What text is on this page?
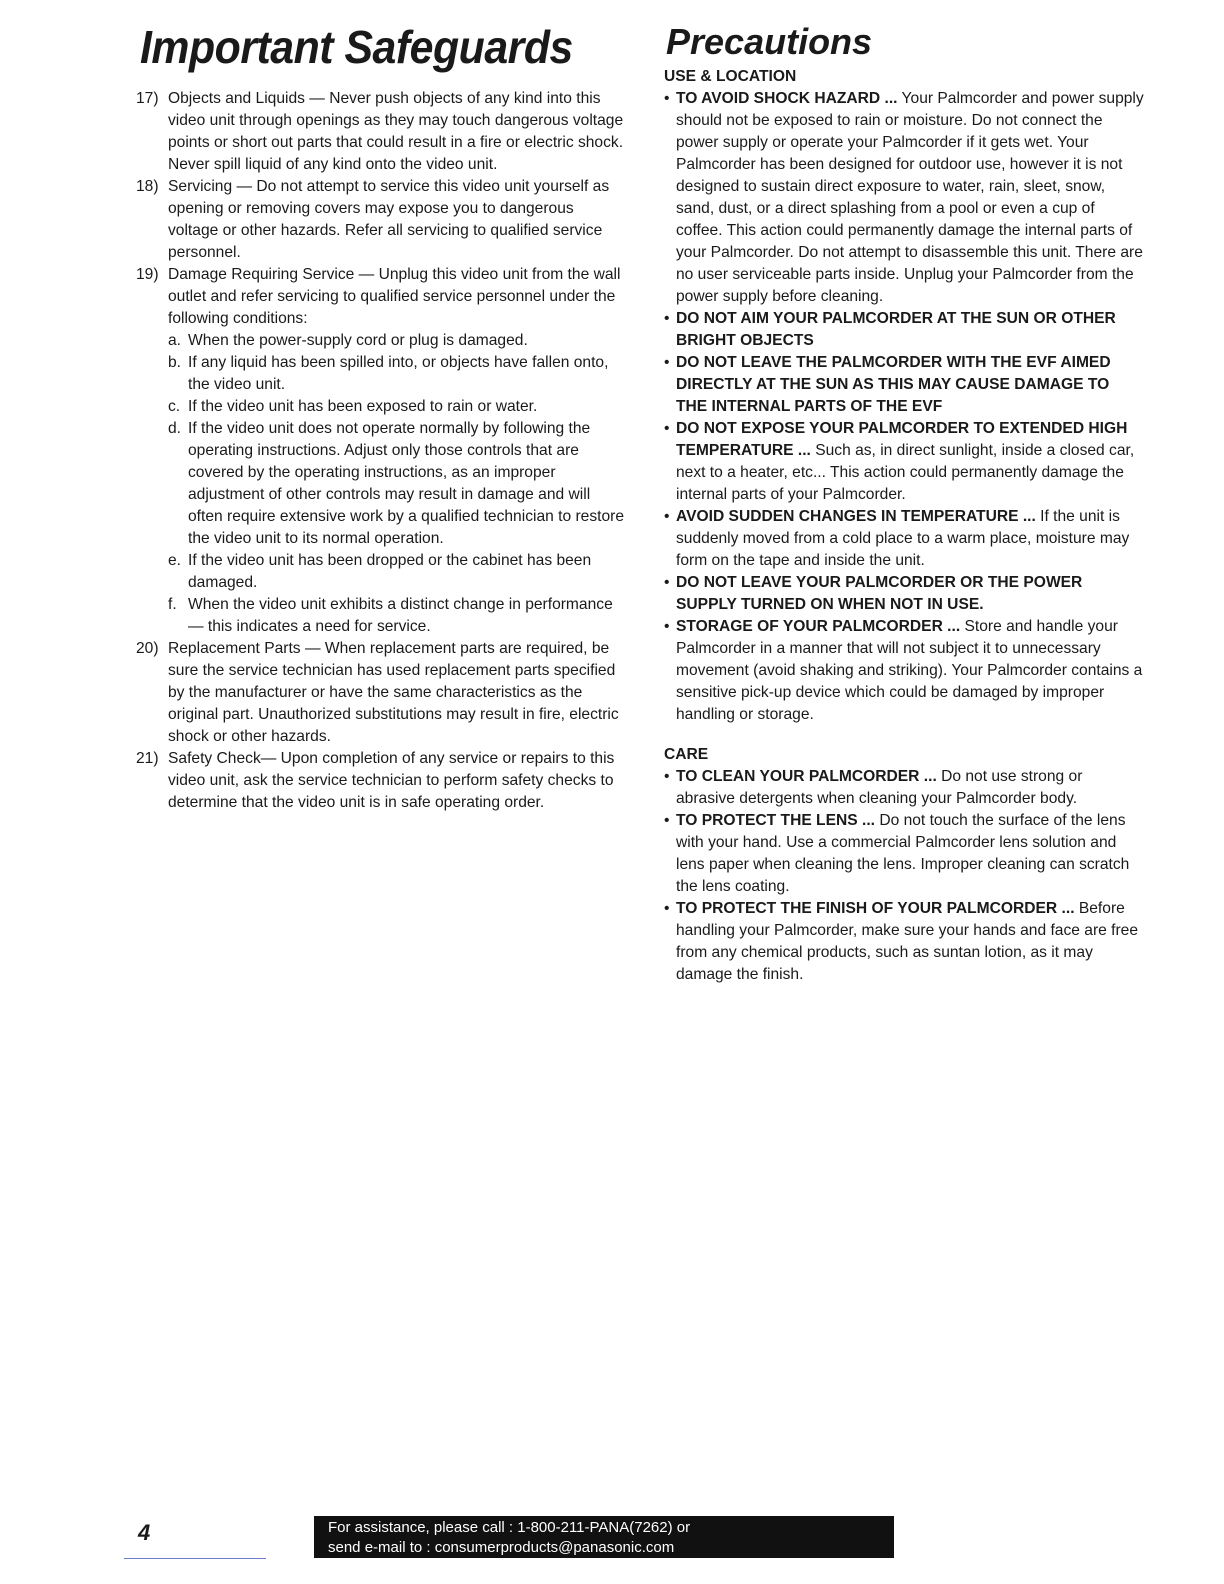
Important Safeguards	Precautions
17) Objects and Liquids — Never push objects of any kind into this video unit through openings as they may touch dangerous voltage points or short out parts that could result in a fire or electric shock. Never spill liquid of any kind onto the video unit.
18) Servicing — Do not attempt to service this video unit yourself as opening or removing covers may expose you to dangerous voltage or other hazards. Refer all servicing to qualified service personnel.
19) Damage Requiring Service — Unplug this video unit from the wall outlet and refer servicing to qualified service personnel under the following conditions:
a. When the power-supply cord or plug is damaged.
b. If any liquid has been spilled into, or objects have fallen onto, the video unit.
c. If the video unit has been exposed to rain or water.
d. If the video unit does not operate normally by following the operating instructions. Adjust only those controls that are covered by the operating instructions, as an improper adjustment of other controls may result in damage and will often require extensive work by a qualified technician to restore the video unit to its normal operation.
e. If the video unit has been dropped or the cabinet has been damaged.
f. When the video unit exhibits a distinct change in performance — this indicates a need for service.
20) Replacement Parts — When replacement parts are required, be sure the service technician has used replacement parts specified by the manufacturer or have the same characteristics as the original part. Unauthorized substitutions may result in fire, electric shock or other hazards.
21) Safety Check— Upon completion of any service or repairs to this video unit, ask the service technician to perform safety checks to determine that the video unit is in safe operating order.

USE & LOCATION

• TO AVOID SHOCK HAZARD ... Your Palmcorder and power supply should not be exposed to rain or moisture. Do not connect the power supply or operate your Palmcorder if it gets wet. Your Palmcorder has been designed for outdoor use, however it is not designed to sustain direct exposure to water, rain, sleet, snow, sand, dust, or a direct splashing from a pool or even a cup of coffee. This action could permanently damage the internal parts of your Palmcorder. Do not attempt to disassemble this unit. There are no user serviceable parts inside. Unplug your Palmcorder from the power supply before cleaning.
• DO NOT AIM YOUR PALMCORDER AT THE SUN OR OTHER BRIGHT OBJECTS
• DO NOT LEAVE THE PALMCORDER WITH THE EVF AIMED DIRECTLY AT THE SUN AS THIS MAY CAUSE DAMAGE TO THE INTERNAL PARTS OF THE EVF
• DO NOT EXPOSE YOUR PALMCORDER TO EXTENDED HIGH TEMPERATURE ... Such as, in direct sunlight, inside a closed car, next to a heater, etc... This action could permanently damage the internal parts of your Palmcorder.
• AVOID SUDDEN CHANGES IN TEMPERATURE ... If the unit is suddenly moved from a cold place to a warm place, moisture may form on the tape and inside the unit.
• DO NOT LEAVE YOUR PALMCORDER OR THE POWER SUPPLY TURNED ON WHEN NOT IN USE.
• STORAGE OF YOUR PALMCORDER ... Store and handle your Palmcorder in a manner that will not subject it to unnecessary movement (avoid shaking and striking). Your Palmcorder contains a sensitive pick-up device which could be damaged by improper handling or storage.

CARE

• TO CLEAN YOUR PALMCORDER ... Do not use strong or abrasive detergents when cleaning your Palmcorder body.
• TO PROTECT THE LENS ... Do not touch the surface of the lens with your hand. Use a commercial Palmcorder lens solution and lens paper when cleaning the lens. Improper cleaning can scratch the lens coating.
• TO PROTECT THE FINISH OF YOUR PALMCORDER ... Before handling your Palmcorder, make sure your hands and face are free from any chemical products, such as suntan lotion, as it may damage the finish.

4	For assistance, please call : 1-800-211-PANA(7262) or
send e-mail to : consumerproducts@panasonic.com
